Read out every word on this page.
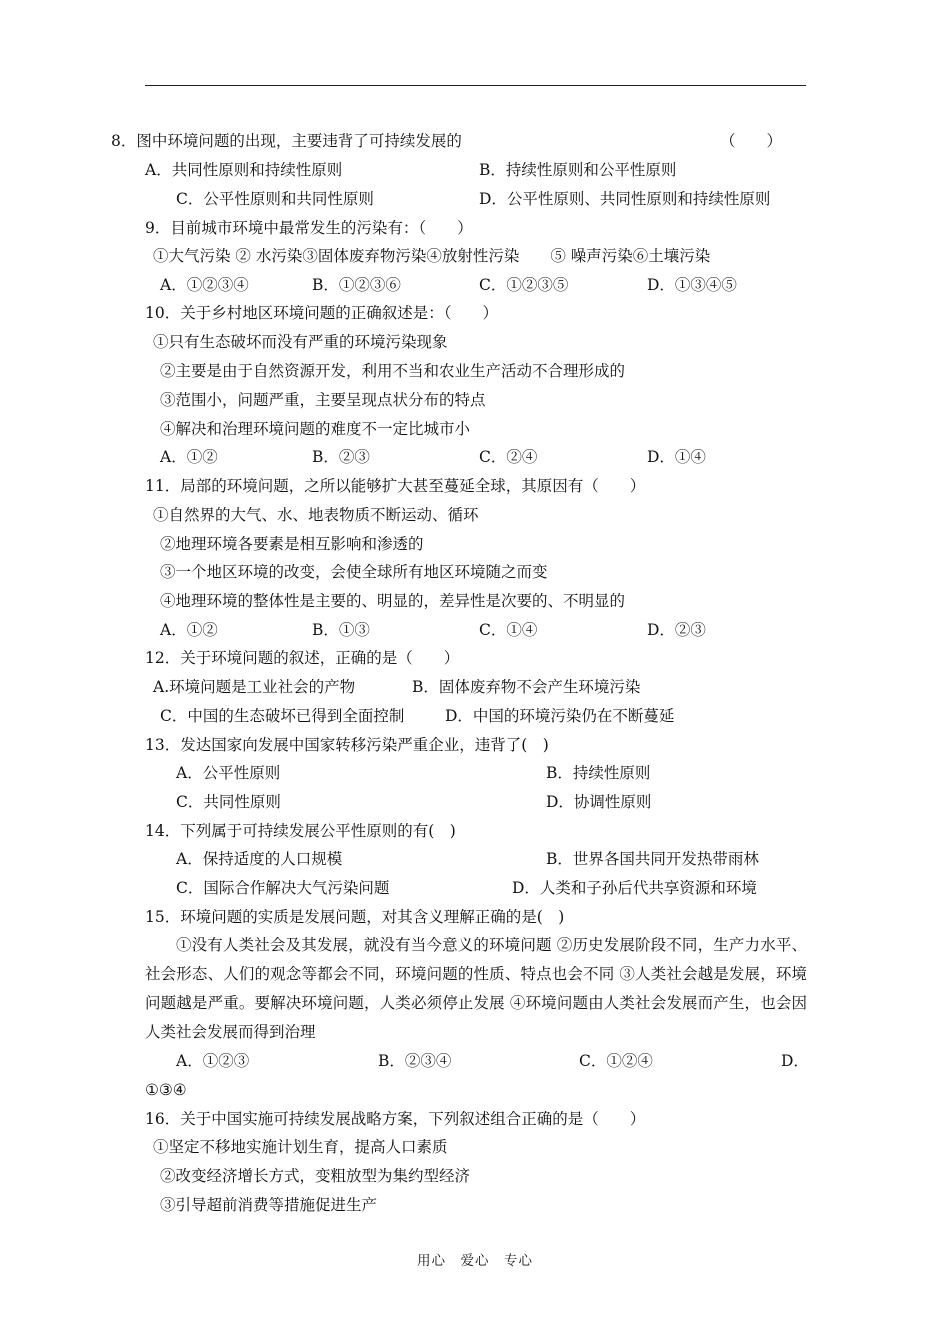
8．图中环境问题的出现，主要违背了可持续发展的	（　　）
A．共同性原则和持续性原则	B．持续性原则和公平性原则
C．公平性原则和共同性原则	D．公平性原则、共同性原则和持续性原则
9．目前城市环境中最常发生的污染有：（　　）
①大气污染 ② 水污染③固体废弃物污染④放射性污染　　⑤ 噪声污染⑥土壤污染
A．①②③④	B．①②③⑥	C．①②③⑤	D．①③④⑤
10．关于乡村地区环境问题的正确叙述是：（　　）
①只有生态破坏而没有严重的环境污染现象
②主要是由于自然资源开发，利用不当和农业生产活动不合理形成的
③范围小，问题严重，主要呈现点状分布的特点
④解决和治理环境问题的难度不一定比城市小
A．①②	B．②③	C．②④	D．①④
11．局部的环境问题，之所以能够扩大甚至蔓延全球，其原因有（　　）
①自然界的大气、水、地表物质不断运动、循环
②地理环境各要素是相互影响和渗透的
③一个地区环境的改变，会使全球所有地区环境随之而变
④地理环境的整体性是主要的、明显的，差异性是次要的、不明显的
A．①②	B．①③	C．①④	D．②③
12．关于环境问题的叙述，正确的是（　　）
A.环境问题是工业社会的产物	B．固体废弃物不会产生环境污染
C．中国的生态破坏已得到全面控制	D．中国的环境污染仍在不断蔓延
13．发达国家向发展中国家转移污染严重企业，违背了(　)
A．公平性原则	B．持续性原则
C．共同性原则	D．协调性原则
14．下列属于可持续发展公平性原则的有(　)
A．保持适度的人口规模	B．世界各国共同开发热带雨林
C．国际合作解决大气污染问题	D．人类和子孙后代共享资源和环境
15．环境问题的实质是发展问题，对其含义理解正确的是(　)
①没有人类社会及其发展，就没有当今意义的环境问题 ②历史发展阶段不同，生产力水平、社会形态、人们的观念等都会不同，环境问题的性质、特点也会不同 ③人类社会越是发展，环境问题越是严重。要解决环境问题，人类必须停止发展 ④环境问题由人类社会发展而产生，也会因人类社会发展而得到治理
A．①②③	B．②③④	C．①②④	D．
①③④
16．关于中国实施可持续发展战略方案，下列叙述组合正确的是（　　）
①坚定不移地实施计划生育，提高人口素质
②改变经济增长方式，变粗放型为集约型经济
③引导超前消费等措施促进生产
用心　爱心　专心
